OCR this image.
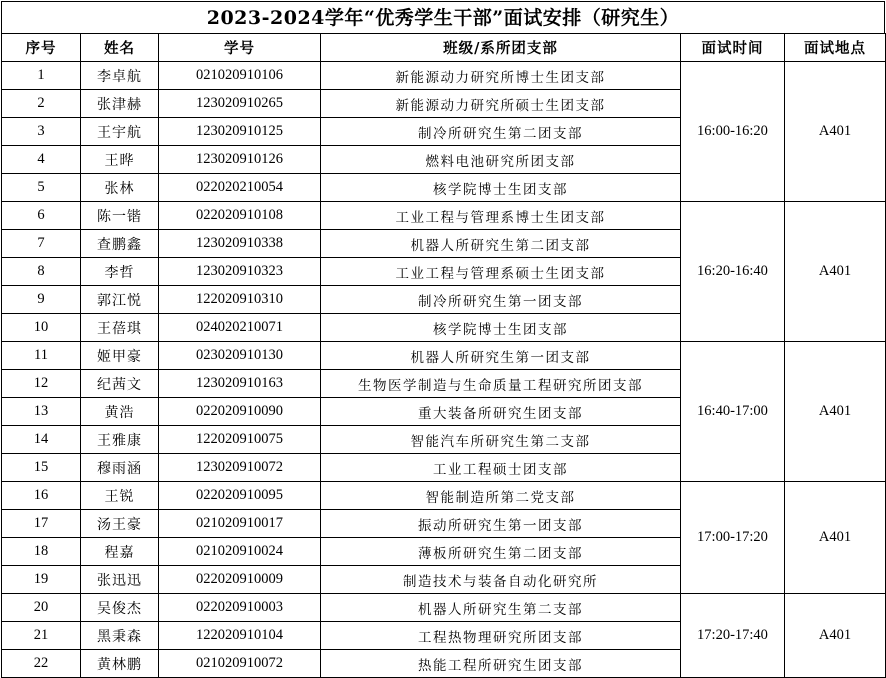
2023-2024学年“优秀学生干部”面试安排（研究生）
序号	姓名	学号	班级/系所团支部	面试时间	面试地点
1	李卓航	021020910106	新能源动力研究所博士生团支部	16:00-16:20	A401
2	张津赫	123020910265	新能源动力研究所硕士生团支部		
3	王宇航	123020910125	制冷所研究生第二团支部		
4	王晔	123020910126	燃料电池研究所团支部		
5	张林	022020210054	核学院博士生团支部		
6	陈一锴	022020910108	工业工程与管理系博士生团支部	16:20-16:40	A401
7	查鹏鑫	123020910338	机器人所研究生第二团支部		
8	李哲	123020910323	工业工程与管理系硕士生团支部		
9	郭江悦	122020910310	制冷所研究生第一团支部		
10	王蓓琪	024020210071	核学院博士生团支部		
11	姬甲豪	023020910130	机器人所研究生第一团支部	16:40-17:00	A401
12	纪茜文	123020910163	生物医学制造与生命质量工程研究所团支部		
13	黄浩	022020910090	重大装备所研究生团支部		
14	王雅康	122020910075	智能汽车所研究生第二支部		
15	穆雨涵	123020910072	工业工程硕士团支部		
16	王锐	022020910095	智能制造所第二党支部	17:00-17:20	A401
17	汤王豪	021020910017	振动所研究生第一团支部		
18	程嘉	021020910024	薄板所研究生第二团支部		
19	张迅迅	022020910009	制造技术与装备自动化研究所		
20	吴俊杰	022020910003	机器人所研究生第二支部	17:20-17:40	A401
21	黑秉森	122020910104	工程热物理研究所团支部		
22	黄林鹏	021020910072	热能工程所研究生团支部		
